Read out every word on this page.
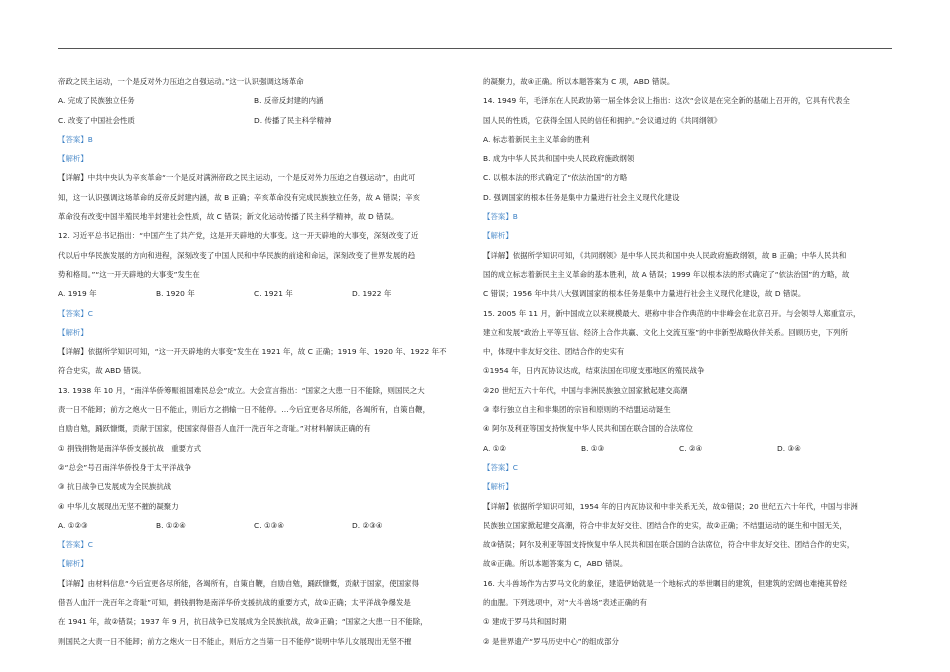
帝政之民主运动，一个是反对外力压迫之自强运动。”这一认识强调这场革命
A. 完成了民族独立任务	B. 反帝反封建的内涵
C. 改变了中国社会性质	D. 传播了民主科学精神
【答案】B
【解析】
【详解】中共中央认为辛亥革命“一个是反对满洲帝政之民主运动，一个是反对外力压迫之自强运动”，由此可
知，这一认识强调这场革命的反帝反封建内涵，故 B 正确；辛亥革命没有完成民族独立任务，故 A 错误；辛亥
革命没有改变中国半殖民地半封建社会性质，故 C 错误；新文化运动传播了民主科学精神，故 D 错误。
12. 习近平总书记指出：“中国产生了共产党，这是开天辟地的大事变。这一开天辟地的大事变，深刻改变了近
代以后中华民族发展的方向和进程，深刻改变了中国人民和中华民族的前途和命运，深刻改变了世界发展的趋
势和格局。”“这一开天辟地的大事变”发生在
A. 1919 年	B. 1920 年	C. 1921 年	D. 1922 年
【答案】C
【解析】
【详解】依据所学知识可知，“这一开天辟地的大事变”发生在 1921 年，故 C 正确；1919 年、1920 年、1922 年不
符合史实，故 ABD 错误。
13. 1938 年 10 月，“南洋华侨筹赈祖国难民总会”成立。大会宣言指出：“国家之大患一日不能除，则国民之大
责一日不能卸；前方之炮火一日不能止，则后方之捐输一日不能停。…今后宜更各尽所能，各竭所有，自策自鞭，
自励自勉，踊跃慷慨，贡献于国家，使国家得借吾人血汗一洗百年之奇耻。”对材料解读正确的有
① 捐钱捐物是南洋华侨支援抗战　重要方式
②“总会”号召南洋华侨投身于太平洋战争
③ 抗日战争已发展成为全民族抗战
④ 中华儿女展现出无坚不摧的凝聚力
A. ①②③	B. ①②④	C. ①③④	D. ②③④
【答案】C
【解析】
【详解】由材料信息“今后宜更各尽所能，各竭所有，自策自鞭，自励自勉，踊跃慷慨，贡献于国家，使国家得
借吾人血汗一洗百年之奇耻”可知，捐钱捐物是南洋华侨支援抗战的重要方式，故①正确；太平洋战争爆发是
在 1941 年，故②错误；1937 年 9 月，抗日战争已发展成为全民族抗战，故③正确；“国家之大患一日不能除，
则国民之大责一日不能卸；前方之炮火一日不能止，则后方之当第一日不能停”说明中华儿女展现出无坚不摧
的凝聚力，故④正确。所以本题答案为 C 项，ABD 错误。
14. 1949 年，毛泽东在人民政协第一届全体会议上指出：这次“会议是在完全新的基础上召开的，它具有代表全
国人民的性质，它获得全国人民的信任和拥护。”会议通过的《共同纲领》
A. 标志着新民主主义革命的胜利
B. 成为中华人民共和国中央人民政府施政纲领
C. 以根本法的形式确定了“依法治国”的方略
D. 强调国家的根本任务是集中力量进行社会主义现代化建设
【答案】B
【解析】
【详解】依据所学知识可知，《共同纲领》是中华人民共和国中央人民政府施政纲领，故 B 正确；中华人民共和
国的成立标志着新民主主义革命的基本胜利，故 A 错误；1999 年以根本法的形式确定了“依法治国”的方略，故
C 错误；1956 年中共八大强调国家的根本任务是集中力量进行社会主义现代化建设，故 D 错误。
15. 2005 年 11 月，新中国成立以来规模最大、堪称中非合作典范的中非峰会在北京召开。与会领导人郑重宣示，
建立和发展“政治上平等互信、经济上合作共赢、文化上交流互鉴”的中非新型战略伙伴关系。回顾历史，下列所
中，体现中非友好交往、团结合作的史实有
①1954 年，日内瓦协议达成，结束法国在印度支那地区的殖民战争
②20 世纪五六十年代，中国与非洲民族独立国家掀起建交高潮
③ 奉行独立自主和非集团的宗旨和原则的不结盟运动诞生
④ 阿尔及利亚等国支持恢复中华人民共和国在联合国的合法席位
A. ①②	B. ①③	C. ②④	D. ③④
【答案】C
【解析】
【详解】依据所学知识可知，1954 年的日内瓦协议和中非关系无关，故①错误；20 世纪五六十年代，中国与非洲
民族独立国家掀起建交高潮，符合中非友好交往、团结合作的史实，故②正确；不结盟运动的诞生和中国无关，
故③错误；阿尔及利亚等国支持恢复中华人民共和国在联合国的合法席位，符合中非友好交往、团结合作的史实，
故④正确。所以本题答案为 C，ABD 错误。
16. 大斗兽场作为古罗马文化的象征，建造伊始就是一个地标式的举世瞩目的建筑，但建筑的宏阔也难掩其曾经
的血腥。下列选项中，对“大斗兽场”表述正确的有
① 建成于罗马共和国时期
② 是世界遗产“罗马历史中心”的组成部分
